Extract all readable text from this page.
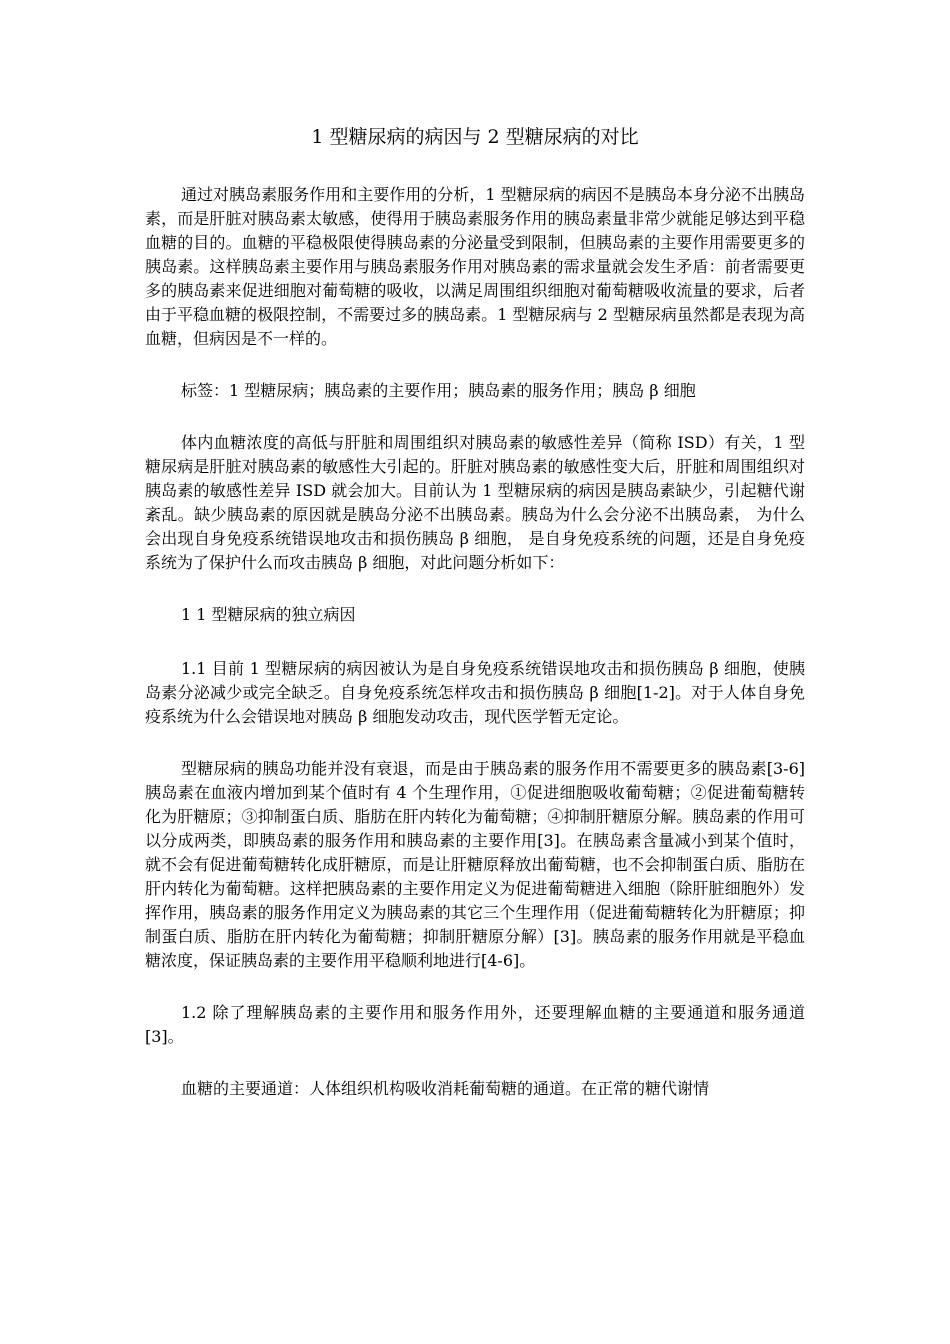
1 型糖尿病的病因与 2 型糖尿病的对比

通过对胰岛素服务作用和主要作用的分析，1 型糖尿病的病因不是胰岛本身分泌不出胰岛素，而是肝脏对胰岛素太敏感，使得用于胰岛素服务作用的胰岛素量非常少就能足够达到平稳血糖的目的。血糖的平稳极限使得胰岛素的分泌量受到限制，但胰岛素的主要作用需要更多的胰岛素。这样胰岛素主要作用与胰岛素服务作用对胰岛素的需求量就会发生矛盾：前者需要更多的胰岛素来促进细胞对葡萄糖的吸收，以满足周围组织细胞对葡萄糖吸收流量的要求，后者由于平稳血糖的极限控制，不需要过多的胰岛素。1 型糖尿病与 2 型糖尿病虽然都是表现为高血糖，但病因是不一样的。

标签：1 型糖尿病；胰岛素的主要作用；胰岛素的服务作用；胰岛 β 细胞

体内血糖浓度的高低与肝脏和周围组织对胰岛素的敏感性差异（简称 ISD）有关，1 型糖尿病是肝脏对胰岛素的敏感性大引起的。肝脏对胰岛素的敏感性变大后，肝脏和周围组织对胰岛素的敏感性差异 ISD 就会加大。目前认为 1 型糖尿病的病因是胰岛素缺少，引起糖代谢紊乱。缺少胰岛素的原因就是胰岛分泌不出胰岛素。胰岛为什么会分泌不出胰岛素， 为什么会出现自身免疫系统错误地攻击和损伤胰岛 β 细胞， 是自身免疫系统的问题，还是自身免疫系统为了保护什么而攻击胰岛 β 细胞，对此问题分析如下：

1 1 型糖尿病的独立病因

1.1 目前 1 型糖尿病的病因被认为是自身免疫系统错误地攻击和损伤胰岛 β 细胞，使胰岛素分泌减少或完全缺乏。自身免疫系统怎样攻击和损伤胰岛 β 细胞[1-2]。对于人体自身免疫系统为什么会错误地对胰岛 β 细胞发动攻击，现代医学暂无定论。

型糖尿病的胰岛功能并没有衰退，而是由于胰岛素的服务作用不需要更多的胰岛素[3-6] 胰岛素在血液内增加到某个值时有 4 个生理作用，①促进细胞吸收葡萄糖；②促进葡萄糖转化为肝糖原；③抑制蛋白质、脂肪在肝内转化为葡萄糖；④抑制肝糖原分解。胰岛素的作用可以分成两类，即胰岛素的服务作用和胰岛素的主要作用[3]。在胰岛素含量减小到某个值时，就不会有促进葡萄糖转化成肝糖原，而是让肝糖原释放出葡萄糖，也不会抑制蛋白质、脂肪在肝内转化为葡萄糖。这样把胰岛素的主要作用定义为促进葡萄糖进入细胞（除肝脏细胞外）发挥作用，胰岛素的服务作用定义为胰岛素的其它三个生理作用（促进葡萄糖转化为肝糖原；抑制蛋白质、脂肪在肝内转化为葡萄糖；抑制肝糖原分解）[3]。胰岛素的服务作用就是平稳血糖浓度，保证胰岛素的主要作用平稳顺利地进行[4-6]。

1.2 除了理解胰岛素的主要作用和服务作用外，还要理解血糖的主要通道和服务通道[3]。

血糖的主要通道：人体组织机构吸收消耗葡萄糖的通道。在正常的糖代谢情
